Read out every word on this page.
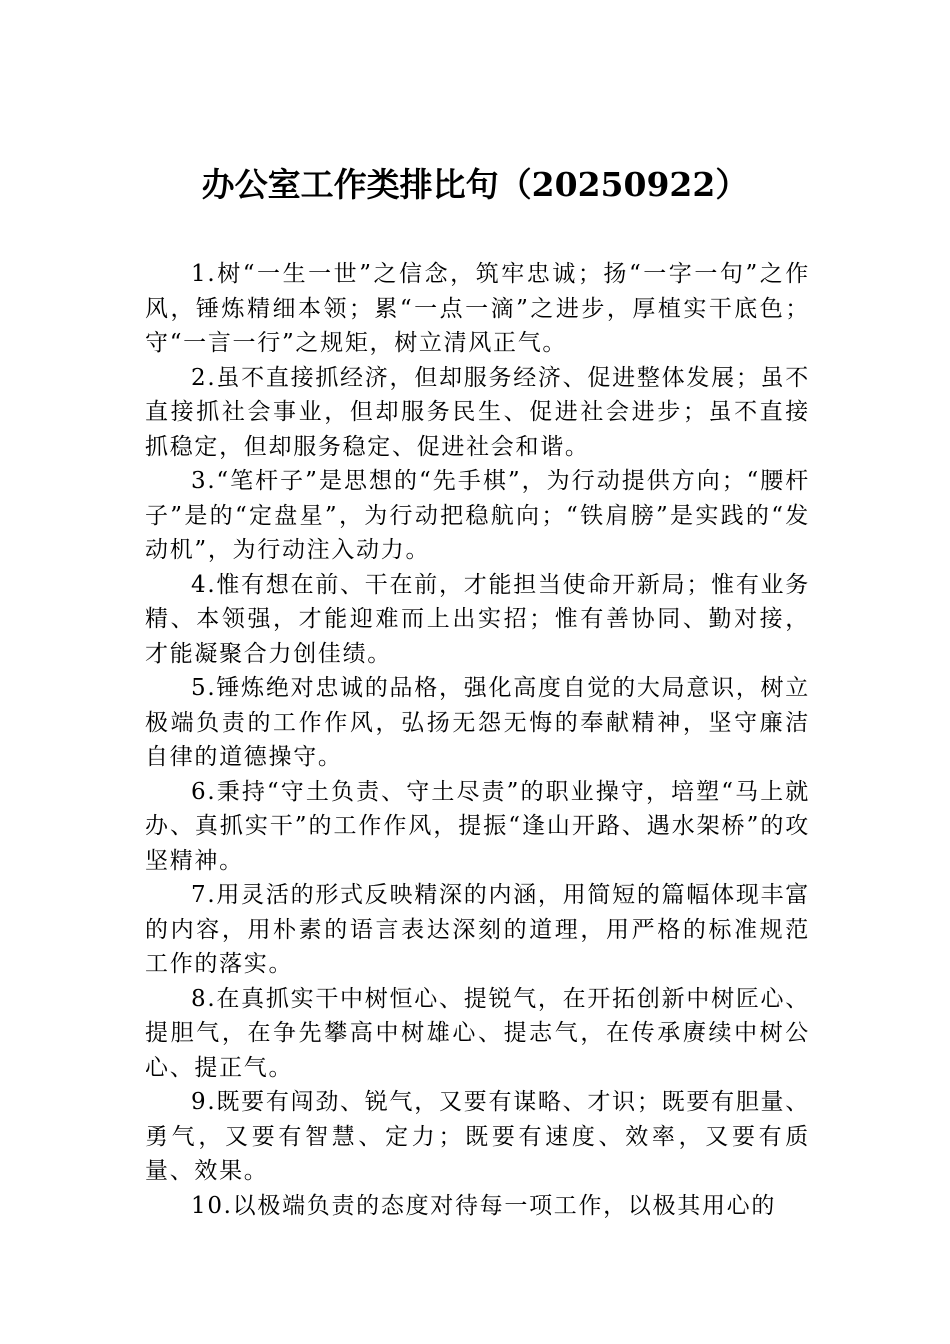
办公室工作类排比句（20250922）

1.树“一生一世”之信念，筑牢忠诚；扬“一字一句”之作风，锤炼精细本领；累“一点一滴”之进步，厚植实干底色；守“一言一行”之规矩，树立清风正气。

2.虽不直接抓经济，但却服务经济、促进整体发展；虽不直接抓社会事业，但却服务民生、促进社会进步；虽不直接抓稳定，但却服务稳定、促进社会和谐。

3.“笔杆子”是思想的“先手棋”，为行动提供方向；“腰杆子”是的“定盘星”，为行动把稳航向；“铁肩膀”是实践的“发动机”，为行动注入动力。

4.惟有想在前、干在前，才能担当使命开新局；惟有业务精、本领强，才能迎难而上出实招；惟有善协同、勤对接，才能凝聚合力创佳绩。

5.锤炼绝对忠诚的品格，强化高度自觉的大局意识，树立极端负责的工作作风，弘扬无怨无悔的奉献精神，坚守廉洁自律的道德操守。

6.秉持“守土负责、守土尽责”的职业操守，培塑“马上就办、真抓实干”的工作作风，提振“逢山开路、遇水架桥”的攻坚精神。

7.用灵活的形式反映精深的内涵，用简短的篇幅体现丰富的内容，用朴素的语言表达深刻的道理，用严格的标准规范工作的落实。

8.在真抓实干中树恒心、提锐气，在开拓创新中树匠心、提胆气，在争先攀高中树雄心、提志气，在传承赓续中树公心、提正气。

9.既要有闯劲、锐气，又要有谋略、才识；既要有胆量、勇气，又要有智慧、定力；既要有速度、效率，又要有质量、效果。

10.以极端负责的态度对待每一项工作，以极其用心的
